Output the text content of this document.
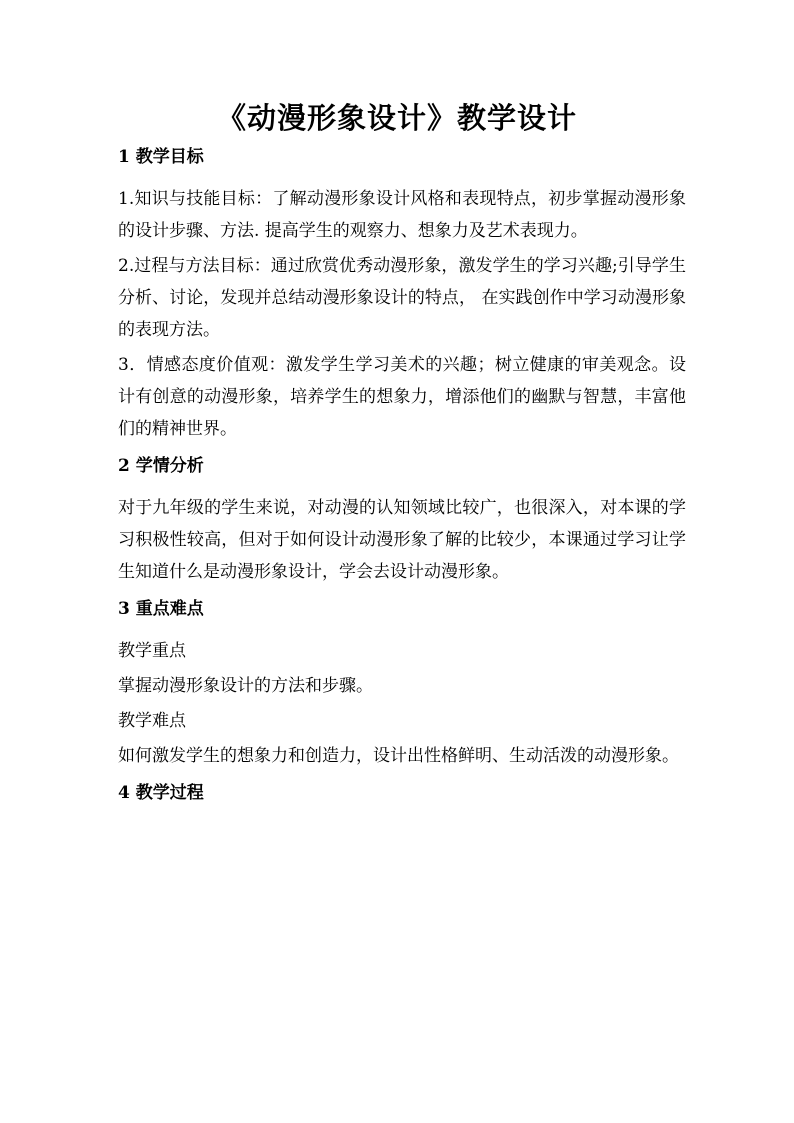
《动漫形象设计》教学设计

1 教学目标

1.知识与技能目标：了解动漫形象设计风格和表现特点，初步掌握动漫形象的设计步骤、方法. 提高学生的观察力、想象力及艺术表现力。

2.过程与方法目标：通过欣赏优秀动漫形象，激发学生的学习兴趣;引导学生分析、讨论，发现并总结动漫形象设计的特点， 在实践创作中学习动漫形象的表现方法。

3．情感态度价值观：激发学生学习美术的兴趣；树立健康的审美观念。设计有创意的动漫形象，培养学生的想象力，增添他们的幽默与智慧，丰富他们的精神世界。

2 学情分析

对于九年级的学生来说，对动漫的认知领域比较广，也很深入，对本课的学习积极性较高，但对于如何设计动漫形象了解的比较少，本课通过学习让学生知道什么是动漫形象设计，学会去设计动漫形象。

3 重点难点

教学重点

掌握动漫形象设计的方法和步骤。

教学难点

如何激发学生的想象力和创造力，设计出性格鲜明、生动活泼的动漫形象。

4 教学过程
